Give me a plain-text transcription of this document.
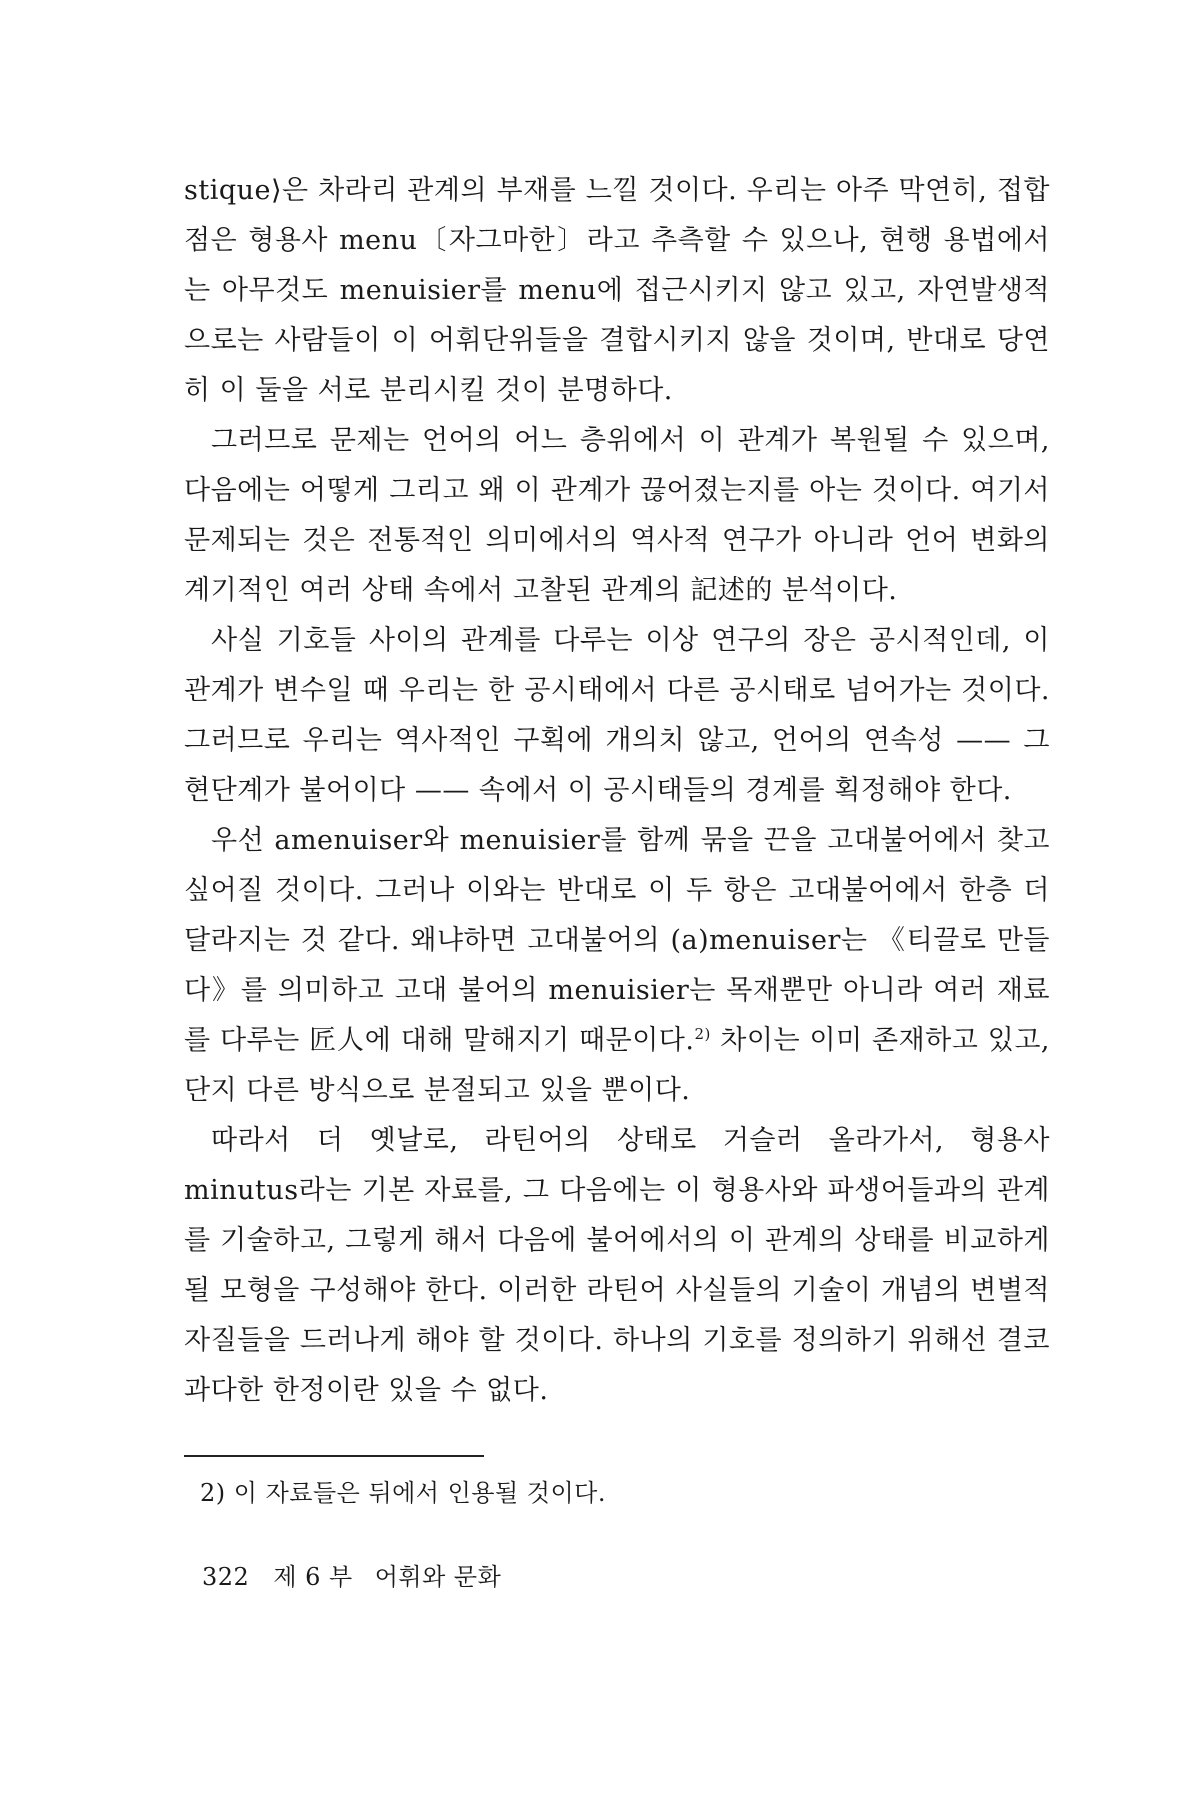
stique⟩은 차라리 관계의 부재를 느낄 것이다. 우리는 아주 막연히, 접합점은 형용사 menu〔자그마한〕라고 추측할 수 있으나, 현행 용법에서는 아무것도 menuisier를 menu에 접근시키지 않고 있고, 자연발생적으로는 사람들이 이 어휘단위들을 결합시키지 않을 것이며, 반대로 당연히 이 둘을 서로 분리시킬 것이 분명하다.

그러므로 문제는 언어의 어느 층위에서 이 관계가 복원될 수 있으며, 다음에는 어떻게 그리고 왜 이 관계가 끊어졌는지를 아는 것이다. 여기서 문제되는 것은 전통적인 의미에서의 역사적 연구가 아니라 언어 변화의 계기적인 여러 상태 속에서 고찰된 관계의 記述的 분석이다.

사실 기호들 사이의 관계를 다루는 이상 연구의 장은 공시적인데, 이 관계가 변수일 때 우리는 한 공시태에서 다른 공시태로 넘어가는 것이다. 그러므로 우리는 역사적인 구획에 개의치 않고, 언어의 연속성 —— 그 현단계가 불어이다 —— 속에서 이 공시태들의 경계를 획정해야 한다.

우선 amenuiser와 menuisier를 함께 묶을 끈을 고대불어에서 찾고 싶어질 것이다. 그러나 이와는 반대로 이 두 항은 고대불어에서 한층 더 달라지는 것 같다. 왜냐하면 고대불어의 (a)menuiser는 《티끌로 만들다》를 의미하고 고대 불어의 menuisier는 목재뿐만 아니라 여러 재료를 다루는 匠人에 대해 말해지기 때문이다.$^{2)}$ 차이는 이미 존재하고 있고, 단지 다른 방식으로 분절되고 있을 뿐이다.

따라서 더 옛날로, 라틴어의 상태로 거슬러 올라가서, 형용사 minutus라는 기본 자료를, 그 다음에는 이 형용사와 파생어들과의 관계를 기술하고, 그렇게 해서 다음에 불어에서의 이 관계의 상태를 비교하게 될 모형을 구성해야 한다. 이러한 라틴어 사실들의 기술이 개념의 변별적 자질들을 드러나게 해야 할 것이다. 하나의 기호를 정의하기 위해선 결코 과다한 한정이란 있을 수 없다.

2) 이 자료들은 뒤에서 인용될 것이다.
322 제 6 부 어휘와 문화
